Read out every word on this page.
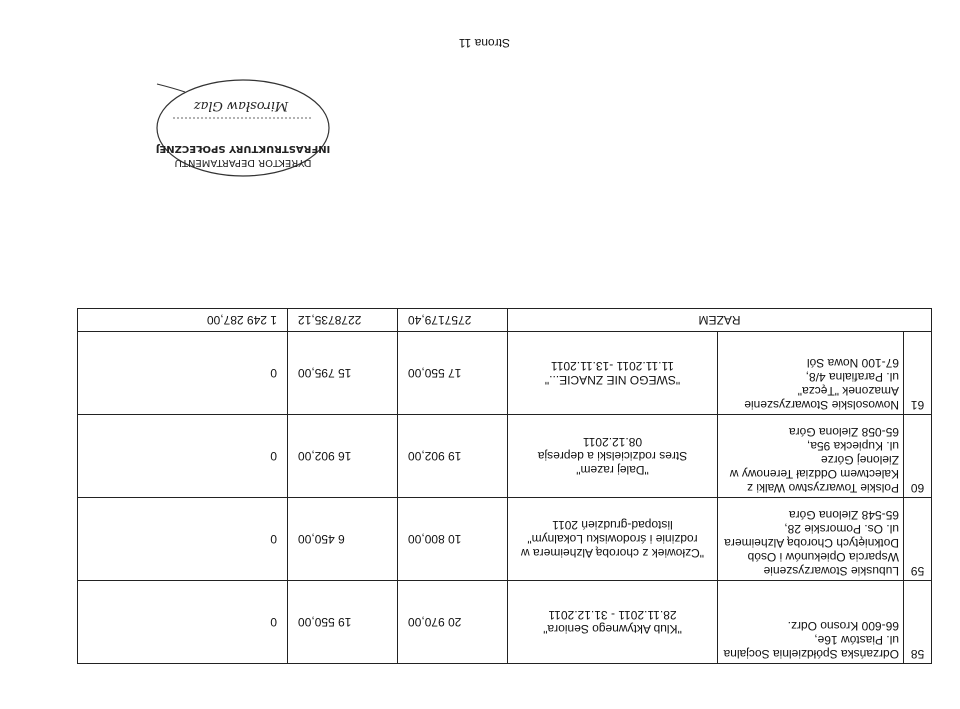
58	Odrzańska Spółdzielnia Socjalna
ul. Piastów 16e,
66-600 Krosno Odrz.	"Klub Aktywnego Seniora"
28.11.2011 - 31.12.2011	20 970,00	19 550,00	0
59	Lubuskie Stowarzyszenie
Wsparcia Opiekunów i Osób
Dotkniętych Chorobą Alzheimera
ul. Os. Pomorskie 28,
65-548 Zielona Góra	"Człowiek z chorobą Alzheimera w
rodzinie i środowisku Lokalnym"
listopad-grudzień 2011	10 800,00	6 450,00	0
60	Polskie Towarzystwo Walki z
Kalectwem Oddział Terenowy w
Zielonej Górze
ul. Kupiecka 95a,
65-058 Zielona Góra	"Dalej razem"
Stres rodzicielski a depresja
08.12.2011	19 902,00	16 902,00	0
61	Nowosolskie Stowarzyszenie
Amazonek "Tęcza"
ul. Parafialna 4/8,
67-100 Nowa Sól	"SWEGO NIE ZNACIE..."
11.11.2011 -13.11.2011	17 550,00	15 795,00	0
RAZEM			2757179,40	2278735,12	1 249 287,00
Strona 11
DYREKTOR DEPARTAMENTU
INFRASTRUKTURY SPOŁECZNEJ
Mirosław Glaz
